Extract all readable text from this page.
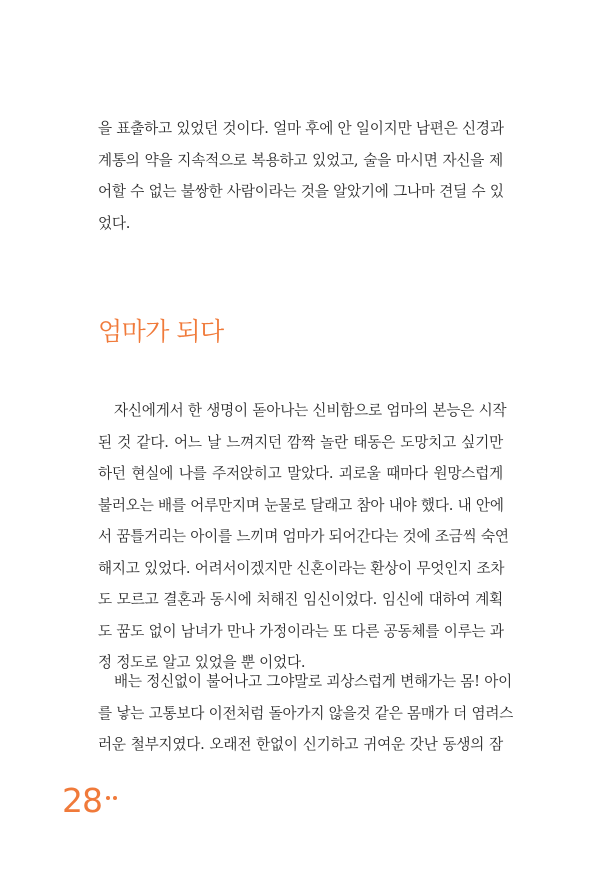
을 표출하고 있었던 것이다. 얼마 후에 안 일이지만 남편은 신경과
계통의 약을 지속적으로 복용하고 있었고, 술을 마시면 자신을 제
어할 수 없는 불쌍한 사람이라는 것을 알았기에 그나마 견딜 수 있
었다.
엄마가 되다
자신에게서 한 생명이 돋아나는 신비함으로 엄마의 본능은 시작
된 것 같다. 어느 날 느껴지던 깜짝 놀란 태동은 도망치고 싶기만
하던 현실에 나를 주저앉히고 말았다. 괴로울 때마다 원망스럽게
불러오는 배를 어루만지며 눈물로 달래고 참아 내야 했다. 내 안에
서 꿈틀거리는 아이를 느끼며 엄마가 되어간다는 것에 조금씩 숙연
해지고 있었다. 어려서이겠지만 신혼이라는 환상이 무엇인지 조차
도 모르고 결혼과 동시에 처해진 임신이었다. 임신에 대하여 계획
도 꿈도 없이 남녀가 만나 가정이라는 또 다른 공동체를 이루는 과
정 정도로 알고 있었을 뿐 이었다.
배는 정신없이 불어나고 그야말로 괴상스럽게 변해가는 몸! 아이
를 낳는 고통보다 이전처럼 돌아가지 않을것 같은 몸매가 더 염려스
러운 철부지였다. 오래전 한없이 신기하고 귀여운 갓난 동생의 잠
28
